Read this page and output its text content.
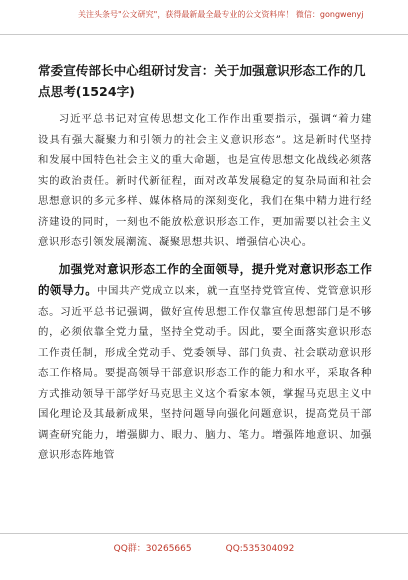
关注头条号"公文研究"，获得最新最全最专业的公文资料库！ 微信：gongwenyj
常委宣传部长中心组研讨发言：关于加强意识形态工作的几点思考(1524字)

习近平总书记对宣传思想文化工作作出重要指示，强调“着力建设具有强大凝聚力和引领力的社会主义意识形态”。这是新时代坚持和发展中国特色社会主义的重大命题，也是宣传思想文化战线必须落实的政治责任。新时代新征程，面对改革发展稳定的复杂局面和社会思想意识的多元多样、媒体格局的深刻变化，我们在集中精力进行经济建设的同时，一刻也不能放松意识形态工作，更加需要以社会主义意识形态引领发展潮流、凝聚思想共识、增强信心决心。

加强党对意识形态工作的全面领导，提升党对意识形态工作的领导力。中国共产党成立以来，就一直坚持党管宣传、党管意识形态。习近平总书记强调，做好宣传思想工作仅靠宣传思想部门是不够的，必须依靠全党力量，坚持全党动手。因此，要全面落实意识形态工作责任制，形成全党动手、党委领导、部门负责、社会联动意识形态工作格局。要提高领导干部意识形态工作的能力和水平，采取各种方式推动领导干部学好马克思主义这个看家本领，掌握马克思主义中国化理论及其最新成果，坚持问题导向强化问题意识，提高党员干部调查研究能力，增强脚力、眼力、脑力、笔力。增强阵地意识、加强意识形态阵地管

QQ群：30265665	QQ:535304092
